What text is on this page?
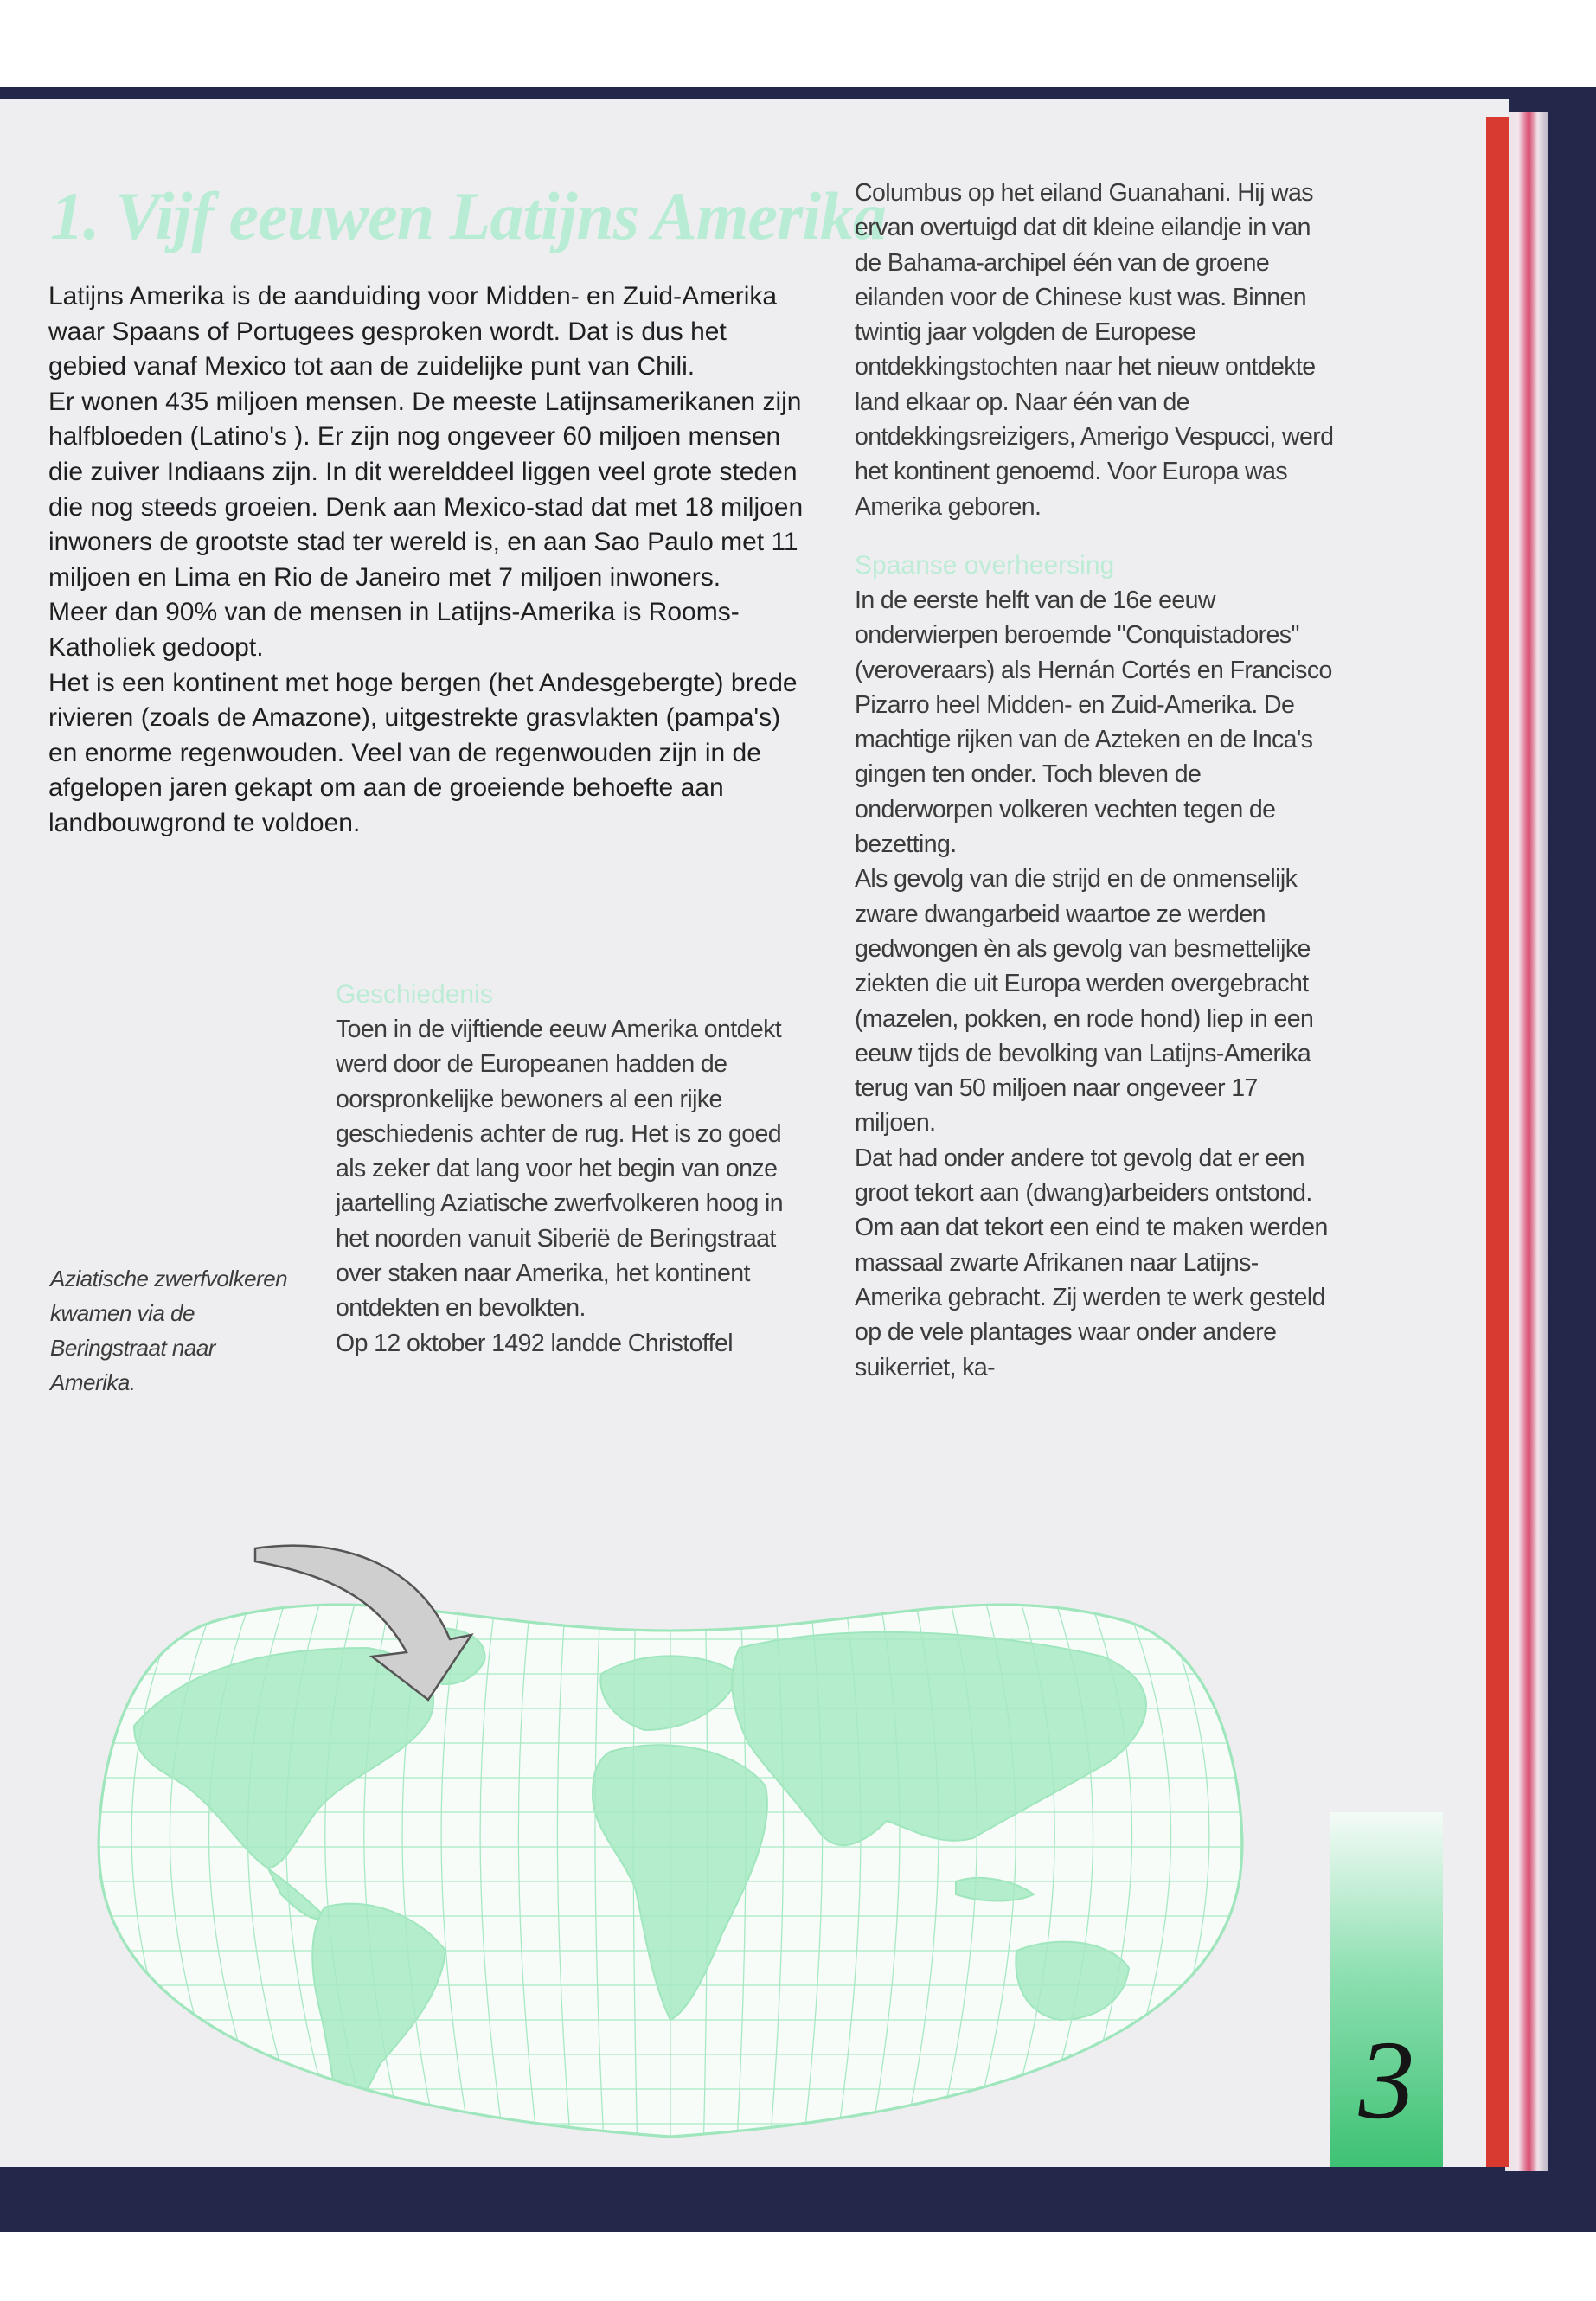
1. Vijf eeuwen Latijns Amerika

Latijns Amerika is de aanduiding voor Midden- en Zuid-Amerika waar Spaans of Portugees gesproken wordt. Dat is dus het gebied vanaf Mexico tot aan de zuidelijke punt van Chili.

Er wonen 435 miljoen mensen. De meeste Latijnsamerikanen zijn halfbloeden (Latino's ). Er zijn nog ongeveer 60 miljoen mensen die zuiver Indiaans zijn. In dit werelddeel liggen veel grote steden die nog steeds groeien. Denk aan Mexico-stad dat met 18 miljoen inwoners de grootste stad ter wereld is, en aan Sao Paulo met 11 miljoen en Lima en Rio de Janeiro met 7 miljoen inwoners.

Meer dan 90% van de mensen in Latijns-Amerika is Rooms-Katholiek gedoopt.

Het is een kontinent met hoge bergen (het Andesgebergte) brede rivieren (zoals de Amazone), uitgestrekte grasvlakten (pampa's) en enorme regenwouden. Veel van de regenwouden zijn in de afgelopen jaren gekapt om aan de groeiende behoefte aan landbouwgrond te voldoen.

Aziatische zwerfvolkeren kwamen via de Beringstraat naar Amerika.

Geschiedenis

Toen in de vijftiende eeuw Amerika ontdekt werd door de Europeanen hadden de oorspronkelijke bewoners al een rijke geschiedenis achter de rug. Het is zo goed als zeker dat lang voor het begin van onze jaartelling Aziatische zwerfvolkeren hoog in het noorden vanuit Siberië de Beringstraat over staken naar Amerika, het kontinent ontdekten en bevolkten.

Op 12 oktober 1492 landde Christoffel

Columbus op het eiland Guanahani. Hij was ervan overtuigd dat dit kleine eilandje in van de Bahama-archipel één van de groene eilanden voor de Chinese kust was. Binnen twintig jaar volgden de Europese ontdekkingstochten naar het nieuw ontdekte land elkaar op. Naar één van de ontdekkingsreizigers, Amerigo Vespucci, werd het kontinent genoemd. Voor Europa was Amerika geboren.

Spaanse overheersing

In de eerste helft van de 16e eeuw onderwierpen beroemde "Conquistadores" (veroveraars) als Hernán Cortés en Francisco Pizarro heel Midden- en Zuid-Amerika. De machtige rijken van de Azteken en de Inca's gingen ten onder. Toch bleven de onderworpen volkeren vechten tegen de bezetting.

Als gevolg van die strijd en de onmenselijk zware dwangarbeid waartoe ze werden gedwongen èn als gevolg van besmettelijke ziekten die uit Europa werden overgebracht (mazelen, pokken, en rode hond) liep in een eeuw tijds de bevolking van Latijns-Amerika terug van 50 miljoen naar ongeveer 17 miljoen.

Dat had onder andere tot gevolg dat er een groot tekort aan (dwang)arbeiders ontstond. Om aan dat tekort een eind te maken werden massaal zwarte Afrikanen naar Latijns-Amerika gebracht. Zij werden te werk gesteld op de vele plantages waar onder andere suikerriet, ka-

3
